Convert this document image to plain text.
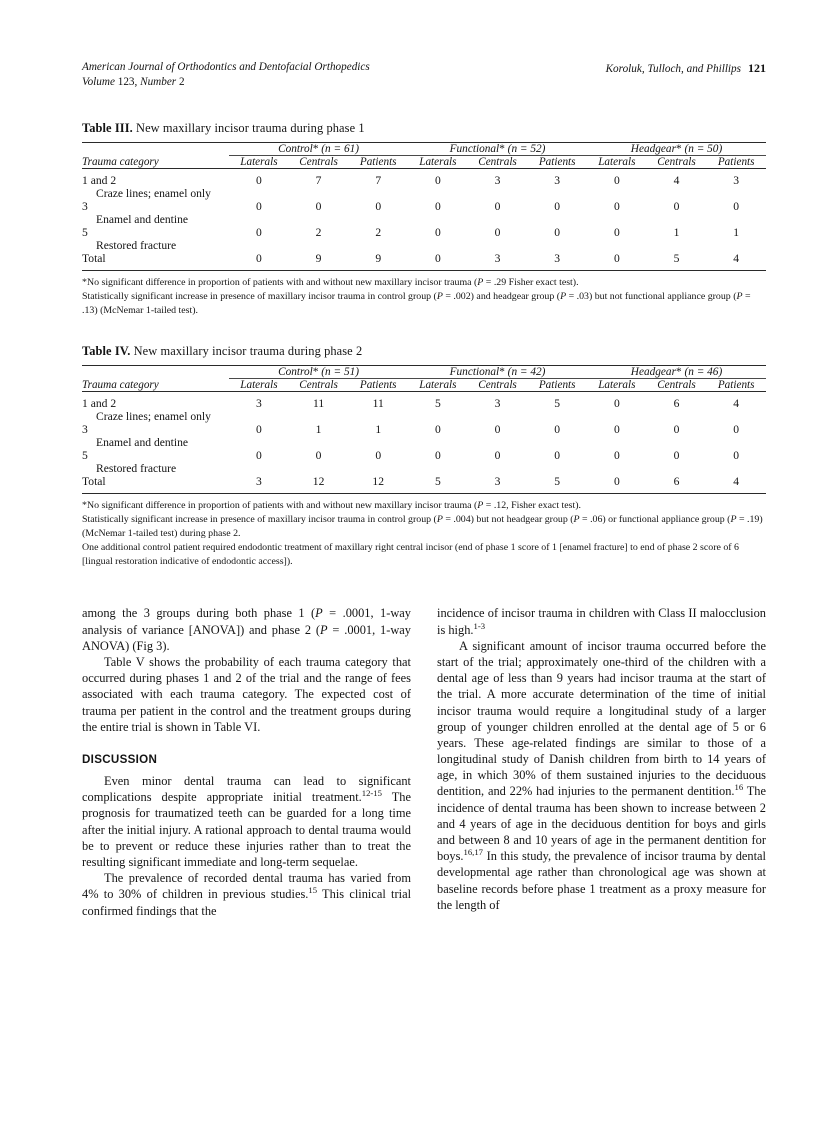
American Journal of Orthodontics and Dentofacial Orthopedics
Volume 123, Number 2
Koroluk, Tulloch, and Phillips 121
Table III. New maxillary incisor trauma during phase 1

	Control* (n = 61)			Functional* (n = 52)			Headgear* (n = 50)		

Trauma category	Laterals	Centrals	Patients	Laterals	Centrals	Patients	Laterals	Centrals	Patients

1 and 2	0	7	7	0	3	3	0	4	3
Craze lines; enamel only									
3	0	0	0	0	0	0	0	0	0
Enamel and dentine									
5	0	2	2	0	0	0	0	1	1
Restored fracture									
Total	0	9	9	0	3	3	0	5	4

*No significant difference in proportion of patients with and without new maxillary incisor trauma (P = .29 Fisher exact test).

Statistically significant increase in presence of maxillary incisor trauma in control group (P = .002) and headgear group (P = .03) but not functional appliance group (P = .13) (McNemar 1-tailed test).

Table IV. New maxillary incisor trauma during phase 2

	Control* (n = 51)			Functional* (n = 42)			Headgear* (n = 46)		

Trauma category	Laterals	Centrals	Patients	Laterals	Centrals	Patients	Laterals	Centrals	Patients

1 and 2	3	11	11	5	3	5	0	6	4
Craze lines; enamel only									
3	0	1	1	0	0	0	0	0	0
Enamel and dentine									
5	0	0	0	0	0	0	0	0	0
Restored fracture									
Total	3	12	12	5	3	5	0	6	4

*No significant difference in proportion of patients with and without new maxillary incisor trauma (P = .12, Fisher exact test).

Statistically significant increase in presence of maxillary incisor trauma in control group (P = .004) but not headgear group (P = .06) or functional appliance group (P = .19) (McNemar 1-tailed test) during phase 2.

One additional control patient required endodontic treatment of maxillary right central incisor (end of phase 1 score of 1 [enamel fracture] to end of phase 2 score of 6 [lingual restoration indicative of endodontic access]).

among the 3 groups during both phase 1 (P = .0001, 1-way analysis of variance [ANOVA]) and phase 2 (P = .0001, 1-way ANOVA) (Fig 3).

Table V shows the probability of each trauma category that occurred during phases 1 and 2 of the trial and the range of fees associated with each trauma category. The expected cost of trauma per patient in the control and the treatment groups during the entire trial is shown in Table VI.

DISCUSSION

Even minor dental trauma can lead to significant complications despite appropriate initial treatment.$^{12-15}$ The prognosis for traumatized teeth can be guarded for a long time after the initial injury. A rational approach to dental trauma would be to prevent or reduce these injuries rather than to treat the resulting significant immediate and long-term sequelae.

The prevalence of recorded dental trauma has varied from 4% to 30% of children in previous studies.$^{15}$ This clinical trial confirmed findings that the

incidence of incisor trauma in children with Class II malocclusion is high.$^{1-3}$

A significant amount of incisor trauma occurred before the start of the trial; approximately one-third of the children with a dental age of less than 9 years had incisor trauma at the start of the trial. A more accurate determination of the time of initial incisor trauma would require a longitudinal study of a larger group of younger children enrolled at the dental age of 5 or 6 years. These age-related findings are similar to those of a longitudinal study of Danish children from birth to 14 years of age, in which 30% of them sustained injuries to the deciduous dentition, and 22% had injuries to the permanent dentition.$^{16}$ The incidence of dental trauma has been shown to increase between 2 and 4 years of age in the deciduous dentition for boys and girls and between 8 and 10 years of age in the permanent dentition for boys.$^{16,17}$ In this study, the prevalence of incisor trauma by dental developmental age rather than chronological age was shown at baseline records before phase 1 treatment as a proxy measure for the length of
